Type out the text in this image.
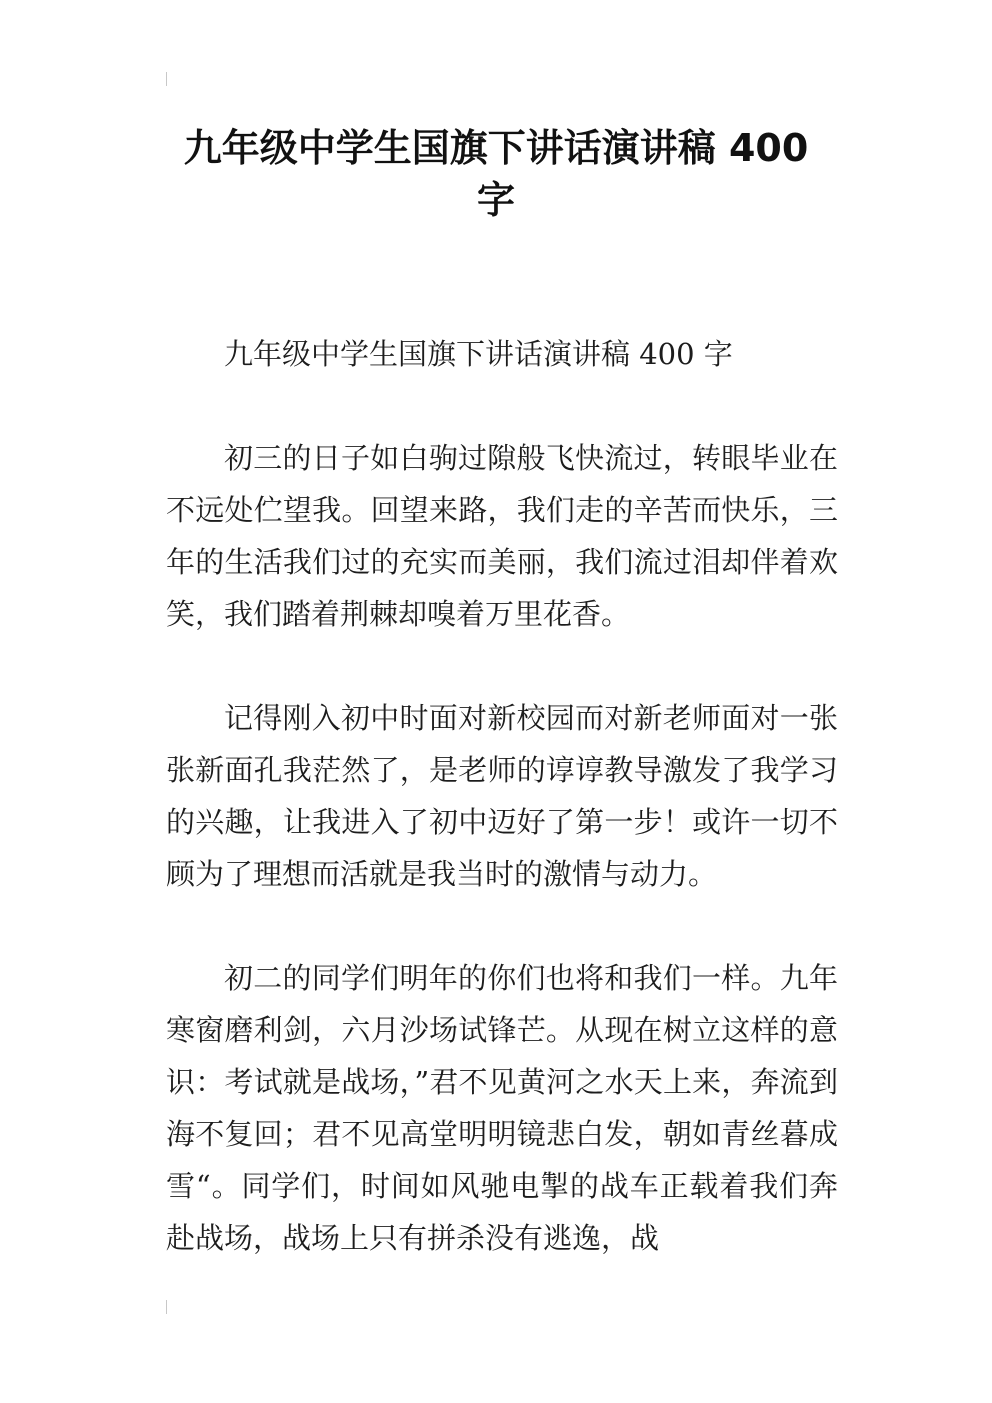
九年级中学生国旗下讲话演讲稿 400
字

九年级中学生国旗下讲话演讲稿 400 字

初三的日子如白驹过隙般飞快流过，转眼毕业在不远处伫望我。回望来路，我们走的辛苦而快乐，三年的生活我们过的充实而美丽，我们流过泪却伴着欢笑，我们踏着荆棘却嗅着万里花香。

记得刚入初中时面对新校园而对新老师面对一张张新面孔我茫然了，是老师的谆谆教导激发了我学习的兴趣，让我进入了初中迈好了第一步！或许一切不顾为了理想而活就是我当时的激情与动力。

初二的同学们明年的你们也将和我们一样。九年寒窗磨利剑，六月沙场试锋芒。从现在树立这样的意识：考试就是战场，”君不见黄河之水天上来，奔流到海不复回；君不见高堂明明镜悲白发，朝如青丝暮成雪“。同学们，时间如风驰电掣的战车正载着我们奔赴战场，战场上只有拼杀没有逃逸，战
